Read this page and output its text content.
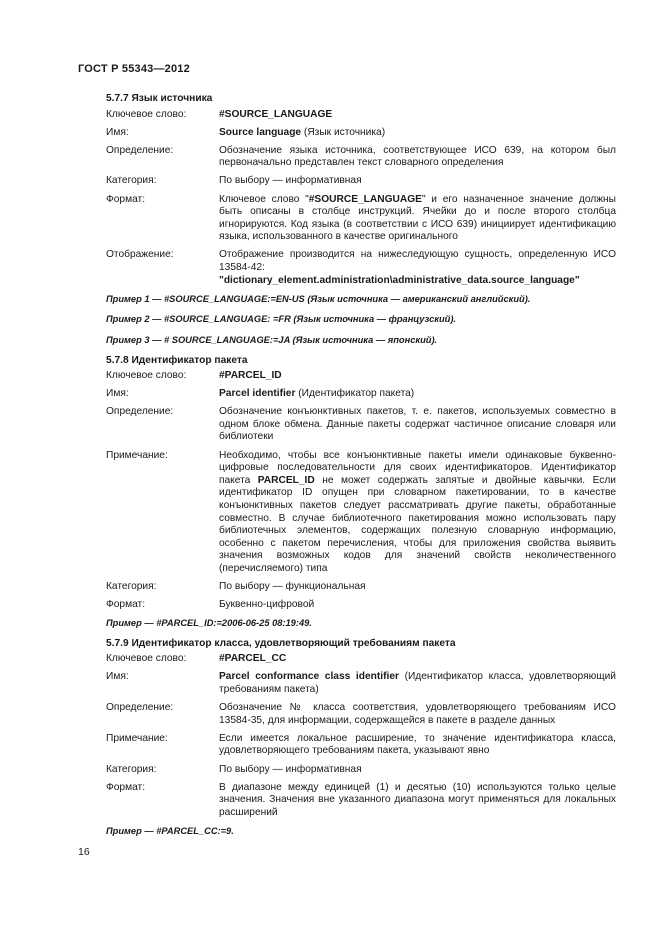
ГОСТ Р 55343—2012
5.7.7 Язык источника
Ключевое слово:	#SOURCE_LANGUAGE
Имя:	Source language (Язык источника)
Определение:	Обозначение языка источника, соответствующее ИСО 639, на котором был первоначально представлен текст словарного определения
Категория:	По выбору — информативная
Формат:	Ключевое слово "#SOURCE_LANGUAGE" и его назначенное значение должны быть описаны в столбце инструкций. Ячейки до и после второго столбца игнорируются. Код языка (в соответствии с ИСО 639) инициирует идентификацию языка, использованного в качестве оригинального
Отображение:	Отображение производится на нижеследующую сущность, определенную ИСО 13584-42: "dictionary_element.administration\administrative_data.source_language"
Пример 1 — #SOURCE_LANGUAGE:=EN-US (Язык источника — американский английский).
Пример 2 — #SOURCE_LANGUAGE: =FR (Язык источника — французский).
Пример 3 — # SOURCE_LANGUAGE:=JA (Язык источника — японский).
5.7.8 Идентификатор пакета
Ключевое слово:	#PARCEL_ID
Имя:	Parcel identifier (Идентификатор пакета)
Определение:	Обозначение конъюнктивных пакетов, т. е. пакетов, используемых совместно в одном блоке обмена. Данные пакеты содержат частичное описание словаря или библиотеки
Примечание:	Необходимо, чтобы все конъюнктивные пакеты имели одинаковые буквенно-цифровые последовательности для своих идентификаторов. Идентификатор пакета PARCEL_ID не может содержать запятые и двойные кавычки. Если идентификатор ID опущен при словарном пакетировании, то в качестве конъюнктивных пакетов следует рассматривать другие пакеты, обработанные совместно. В случае библиотечного пакетирования можно использовать пару библиотечных элементов, содержащих полезную словарную информацию, особенно с пакетом перечисления, чтобы для приложения свойства выявить значения возможных кодов для значений свойств неколичественного (перечисляемого) типа
Категория:	По выбору — функциональная
Формат:	Буквенно-цифровой
Пример — #PARCEL_ID:=2006-06-25 08:19:49.
5.7.9 Идентификатор класса, удовлетворяющий требованиям пакета
Ключевое слово:	#PARCEL_CC
Имя:	Parcel conformance class identifier (Идентификатор класса, удовлетворяющий требованиям пакета)
Определение:	Обозначение № класса соответствия, удовлетворяющего требованиям ИСО 13584-35, для информации, содержащейся в пакете в разделе данных
Примечание:	Если имеется локальное расширение, то значение идентификатора класса, удовлетворяющего требованиям пакета, указывают явно
Категория:	По выбору — информативная
Формат:	В диапазоне между единицей (1) и десятью (10) используются только целые значения. Значения вне указанного диапазона могут применяться для локальных расширений
Пример — #PARCEL_CC:=9.
16
